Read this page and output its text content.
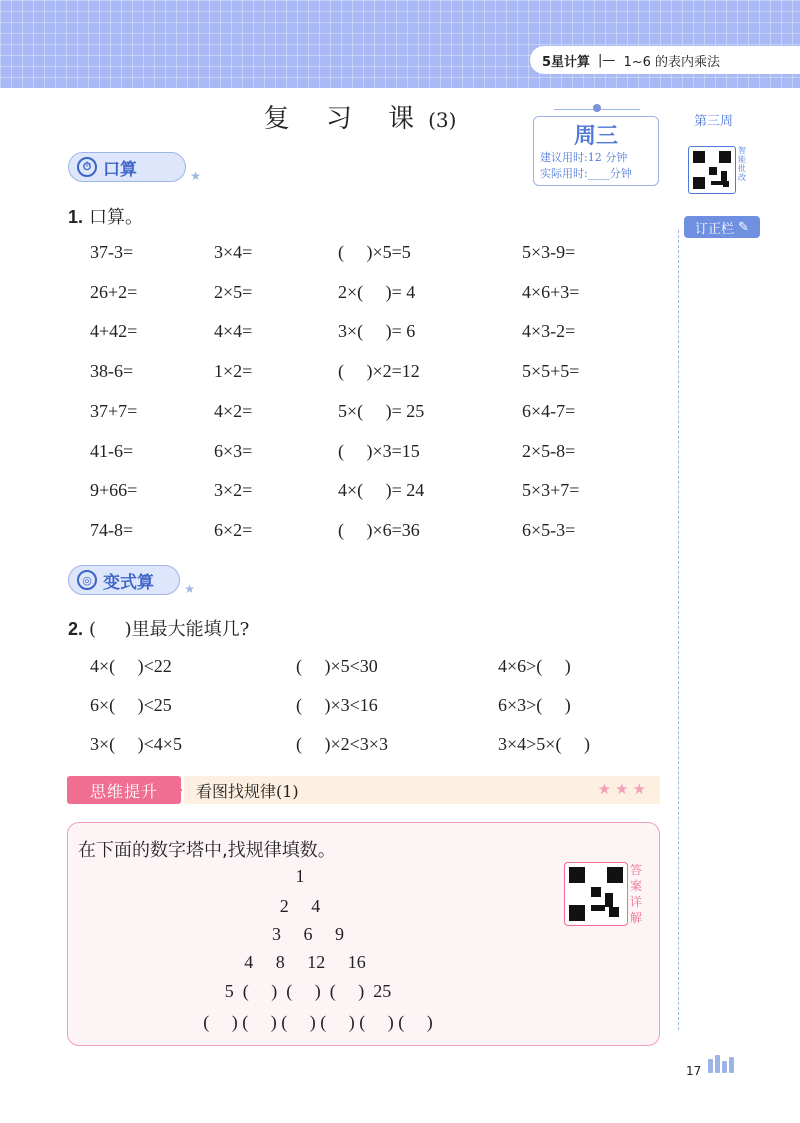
5星计算 |— 1~6 的表内乘法
复 习 课(3)
周三
建议用时:12 分钟
实际用时:____分钟
第三周
智能批改
订正栏 ✎
⏱ 口算	★
1. 口算。
37-3=	3×4=	(     )×5=5	5×3-9=
26+2=	2×5=	2×(     )= 4	4×6+3=
4+42=	4×4=	3×(     )= 6	4×3-2=
38-6=	1×2=	(     )×2=12	5×5+5=
37+7=	4×2=	5×(     )= 25	6×4-7=
41-6=	6×3=	(     )×3=15	2×5-8=
9+66=	3×2=	4×(     )= 24	5×3+7=
74-8=	6×2=	(     )×6=36	6×5-3=
◎ 变式算	★
2. (     )里最大能填几?
4×(     )<22	(     )×5<30	4×6>(     )
6×(     )<25	(     )×3<16	6×3>(     )
3×(     )<4×5	(     )×2<3×3	3×4>5×(     )
思维提升	看图找规律(1)	★★★
在下面的数字塔中,找规律填数。
1
2     4
3     6     9
4     8     12     16
5  (     )  (     )  (     )  25
(     ) (     ) (     ) (     ) (     ) (     )
答案详解
17
